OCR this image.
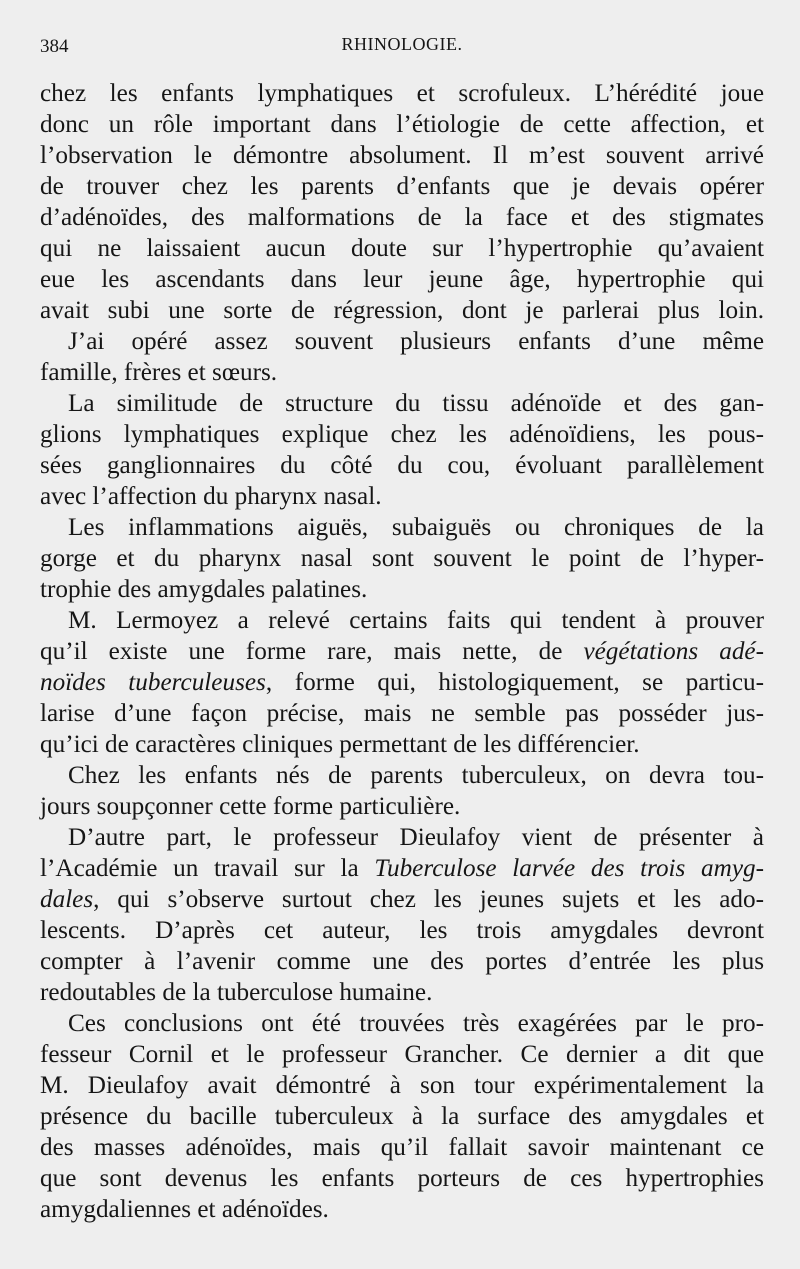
384	RHINOLOGIE.

chez les enfants lymphatiques et scrofuleux. L’hérédité joue
donc un rôle important dans l’étiologie de cette affection, et
l’observation le démontre absolument. Il m’est souvent arrivé
de trouver chez les parents d’enfants que je devais opérer
d’adénoïdes, des malformations de la face et des stigmates
qui ne laissaient aucun doute sur l’hypertrophie qu’avaient
eue les ascendants dans leur jeune âge, hypertrophie qui
avait subi une sorte de régression, dont je parlerai plus loin.

J’ai opéré assez souvent plusieurs enfants d’une même
famille, frères et sœurs.

La similitude de structure du tissu adénoïde et des gan-
glions lymphatiques explique chez les adénoïdiens, les pous-
sées ganglionnaires du côté du cou, évoluant parallèlement
avec l’affection du pharynx nasal.

Les inflammations aiguës, subaiguës ou chroniques de la
gorge et du pharynx nasal sont souvent le point de l’hyper-
trophie des amygdales palatines.

M. Lermoyez a relevé certains faits qui tendent à prouver
qu’il existe une forme rare, mais nette, de végétations adé-
noïdes tuberculeuses, forme qui, histologiquement, se particu-
larise d’une façon précise, mais ne semble pas posséder jus-
qu’ici de caractères cliniques permettant de les différencier.

Chez les enfants nés de parents tuberculeux, on devra tou-
jours soupçonner cette forme particulière.

D’autre part, le professeur Dieulafoy vient de présenter à
l’Académie un travail sur la Tuberculose larvée des trois amyg-
dales, qui s’observe surtout chez les jeunes sujets et les ado-
lescents. D’après cet auteur, les trois amygdales devront
compter à l’avenir comme une des portes d’entrée les plus
redoutables de la tuberculose humaine.

Ces conclusions ont été trouvées très exagérées par le pro-
fesseur Cornil et le professeur Grancher. Ce dernier a dit que
M. Dieulafoy avait démontré à son tour expérimentalement la
présence du bacille tuberculeux à la surface des amygdales et
des masses adénoïdes, mais qu’il fallait savoir maintenant ce
que sont devenus les enfants porteurs de ces hypertrophies
amygdaliennes et adénoïdes.
